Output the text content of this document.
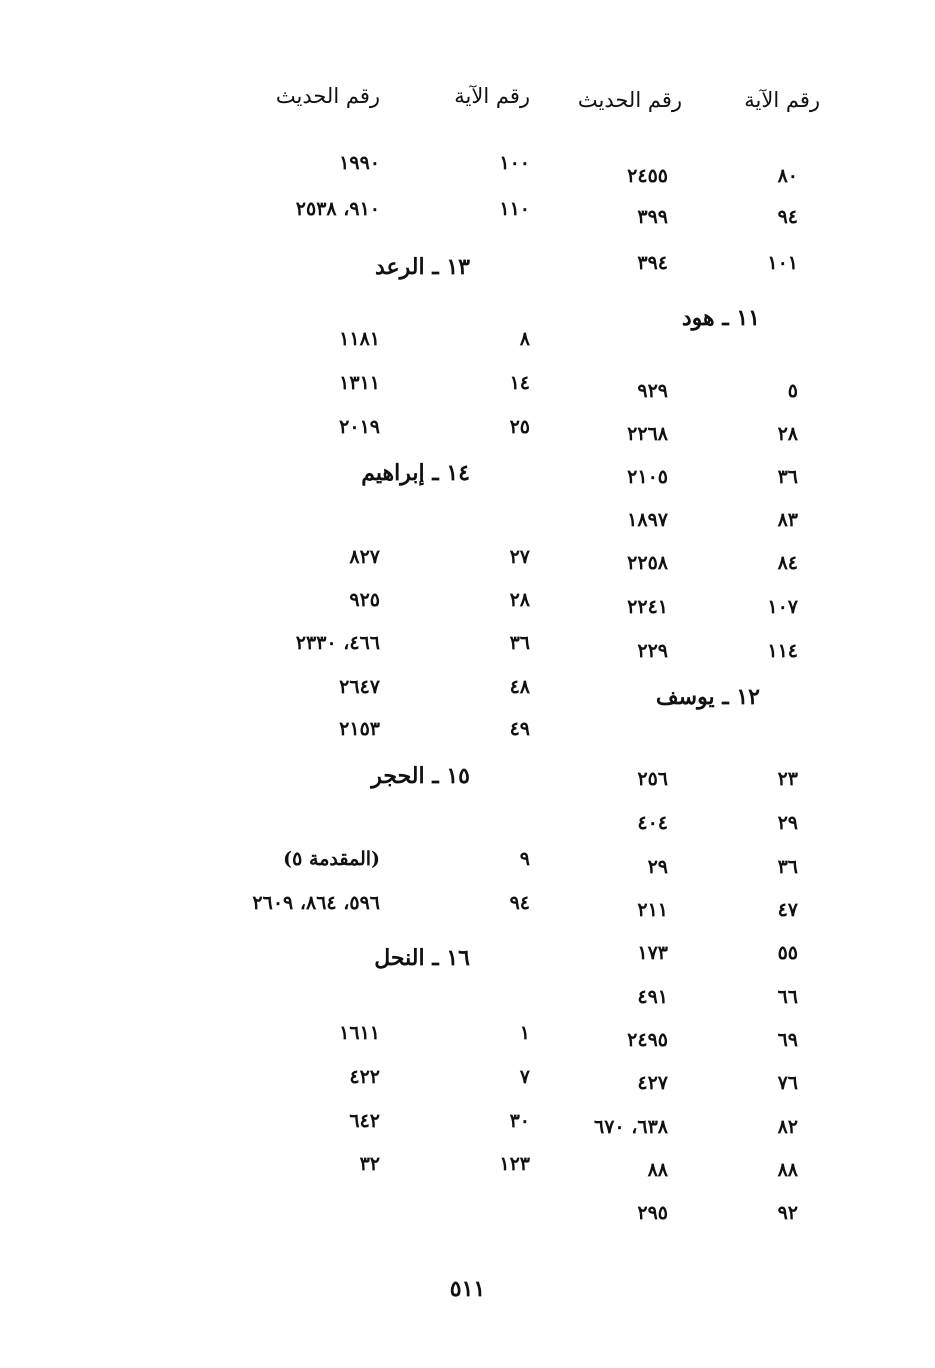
رقم الآية
رقم الحديث
٨٠
٢٤٥٥
٩٤
٣٩٩
١٠١
٣٩٤
١١ ـ هود
٥
٩٢٩
٢٨
٢٢٦٨
٣٦
٢١٠٥
٨٣
١٨٩٧
٨٤
٢٢٥٨
١٠٧
٢٢٤١
١١٤
٢٢٩
١٢ ـ يوسف
٢٣
٢٥٦
٢٩
٤٠٤
٣٦
٢٩
٤٧
٢١١
٥٥
١٧٣
٦٦
٤٩١
٦٩
٢٤٩٥
٧٦
٤٢٧
٨٢
٦٣٨، ٦٧٠
٨٨
٨٨
٩٢
٢٩٥
رقم الآية
رقم الحديث
١٠٠
١٩٩٠
١١٠
٩١٠، ٢٥٣٨
١٣ ـ الرعد
٨
١١٨١
١٤
١٣١١
٢٥
٢٠١٩
١٤ ـ إبراهيم
٢٧
٨٢٧
٢٨
٩٢٥
٣٦
٤٦٦، ٢٣٣٠
٤٨
٢٦٤٧
٤٩
٢١٥٣
١٥ ـ الحجر
٩
(المقدمة ٥)
٩٤
٥٩٦، ٨٦٤، ٢٦٠٩
١٦ ـ النحل
١
١٦١١
٧
٤٢٢
٣٠
٦٤٢
١٢٣
٣٢
٥١١
